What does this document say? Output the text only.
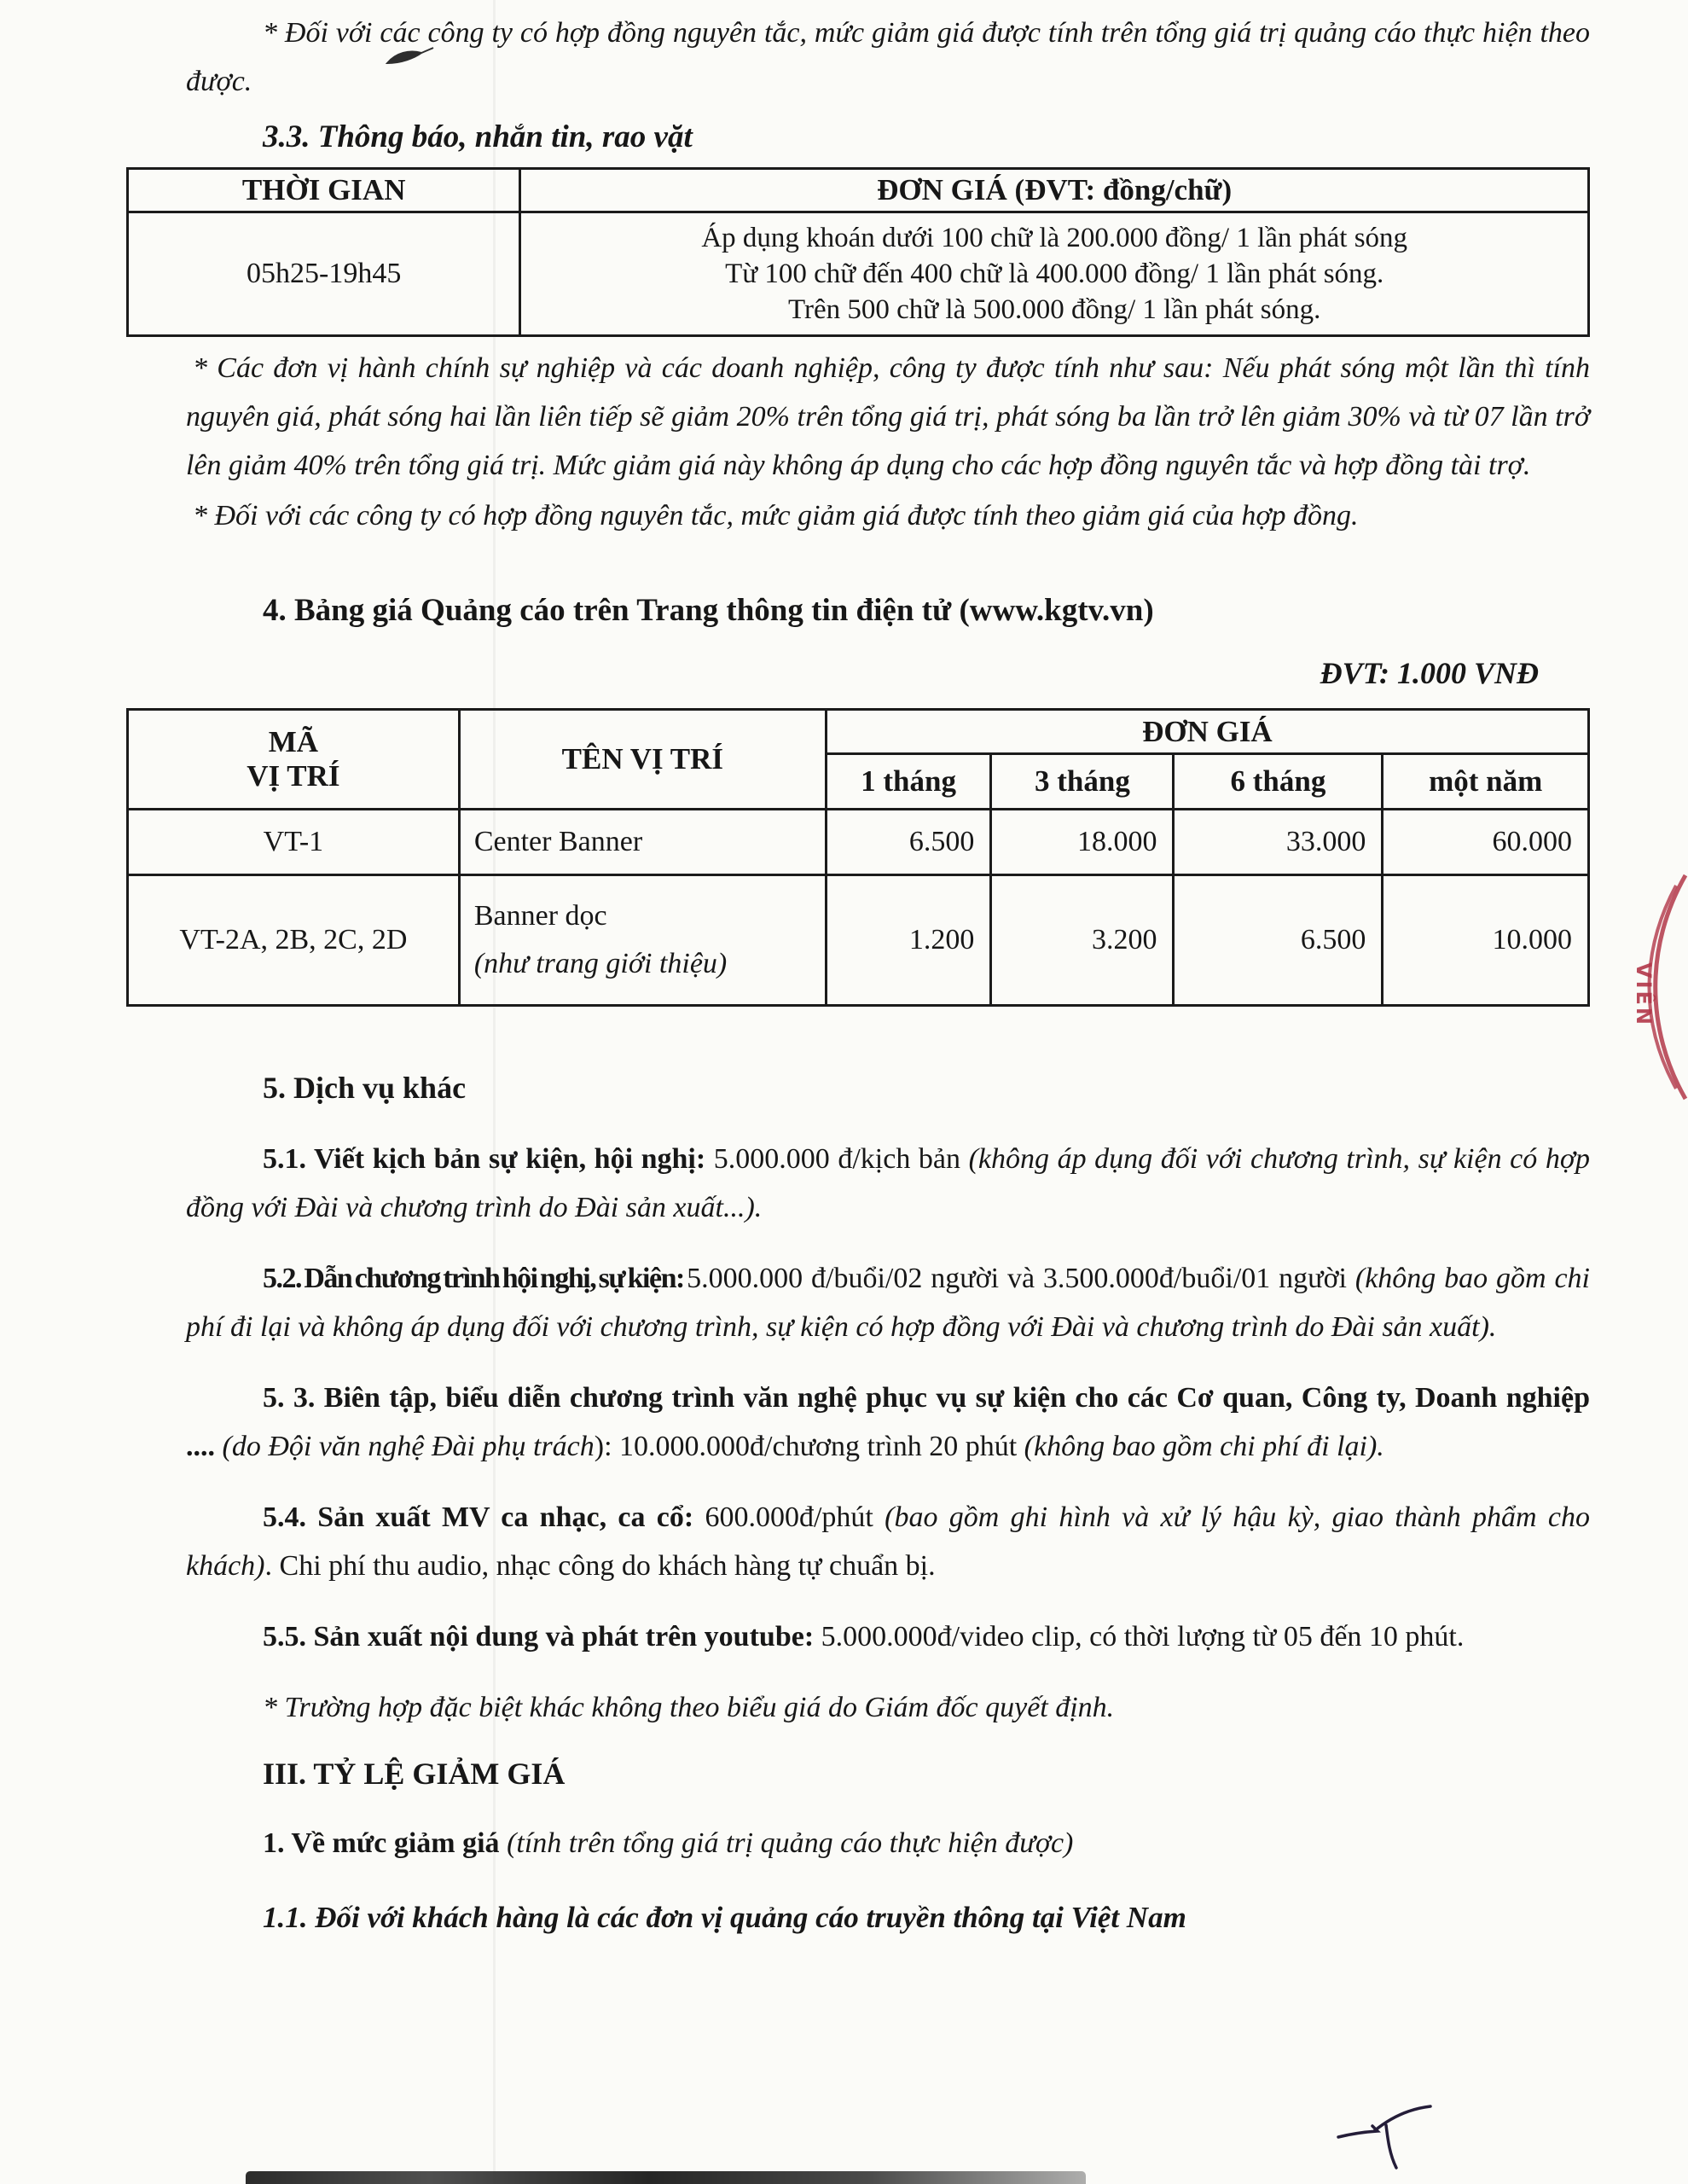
* Đối với các công ty có hợp đồng nguyên tắc, mức giảm giá được tính trên tổng giá trị quảng cáo thực hiện theo được.

3.3. Thông báo, nhắn tin, rao vặt
THỜI GIAN	ĐƠN GIÁ (ĐVT: đồng/chữ)
05h25-19h45	Áp dụng khoán dưới 100 chữ là 200.000 đồng/ 1 lần phát sóng
Từ 100 chữ đến 400 chữ là 400.000 đồng/ 1 lần phát sóng.
Trên 500 chữ là 500.000 đồng/ 1 lần phát sóng.

* Các đơn vị hành chính sự nghiệp và các doanh nghiệp, công ty được tính như sau: Nếu phát sóng một lần thì tính nguyên giá, phát sóng hai lần liên tiếp sẽ giảm 20% trên tổng giá trị, phát sóng ba lần trở lên giảm 30% và từ 07 lần trở lên giảm 40% trên tổng giá trị. Mức giảm giá này không áp dụng cho các hợp đồng nguyên tắc và hợp đồng tài trợ.

* Đối với các công ty có hợp đồng nguyên tắc, mức giảm giá được tính theo giảm giá của hợp đồng.

4. Bảng giá Quảng cáo trên Trang thông tin điện tử (www.kgtv.vn)
ĐVT: 1.000 VNĐ
MÃ
VỊ TRÍ	TÊN VỊ TRÍ	ĐƠN GIÁ			
		1 tháng	3 tháng	6 tháng	một năm
VT-1	Center Banner	6.500	18.000	33.000	60.000
VT-2A, 2B, 2C, 2D	Banner dọc
(như trang giới thiệu)	1.200	3.200	6.500	10.000
5. Dịch vụ khác

5.1. Viết kịch bản sự kiện, hội nghị: 5.000.000 đ/kịch bản (không áp dụng đối với chương trình, sự kiện có hợp đồng với Đài và chương trình do Đài sản xuất...).

5.2. Dẫn chương trình hội nghị, sự kiện: 5.000.000 đ/buổi/02 người và 3.500.000đ/buổi/01 người (không bao gồm chi phí đi lại và không áp dụng đối với chương trình, sự kiện có hợp đồng với Đài và chương trình do Đài sản xuất).

5. 3. Biên tập, biểu diễn chương trình văn nghệ phục vụ sự kiện cho các Cơ quan, Công ty, Doanh nghiệp .... (do Đội văn nghệ Đài phụ trách): 10.000.000đ/chương trình 20 phút (không bao gồm chi phí đi lại).

5.4. Sản xuất MV ca nhạc, ca cổ: 600.000đ/phút (bao gồm ghi hình và xử lý hậu kỳ, giao thành phẩm cho khách). Chi phí thu audio, nhạc công do khách hàng tự chuẩn bị.

5.5. Sản xuất nội dung và phát trên youtube: 5.000.000đ/video clip, có thời lượng từ 05 đến 10 phút.

* Trường hợp đặc biệt khác không theo biểu giá do Giám đốc quyết định.

III. TỶ LỆ GIẢM GIÁ

1. Về mức giảm giá (tính trên tổng giá trị quảng cáo thực hiện được)

1.1. Đối với khách hàng là các đơn vị quảng cáo truyền thông tại Việt Nam

VIÊN
